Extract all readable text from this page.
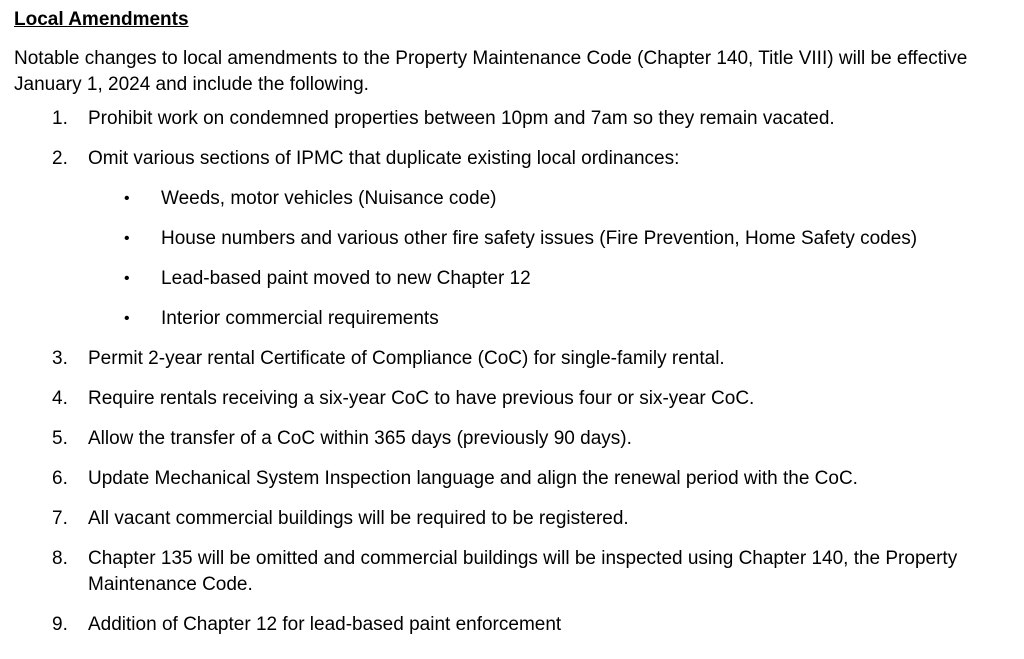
Local Amendments
Notable changes to local amendments to the Property Maintenance Code (Chapter 140, Title VIII) will be effective January 1, 2024 and include the following.
1.	Prohibit work on condemned properties between 10pm and 7am so they remain vacated.
2.	Omit various sections of IPMC that duplicate existing local ordinances:
• Weeds, motor vehicles (Nuisance code)
• House numbers and various other fire safety issues (Fire Prevention, Home Safety codes)
• Lead-based paint moved to new Chapter 12
• Interior commercial requirements
3.	Permit 2-year rental Certificate of Compliance (CoC) for single-family rental.
4.	Require rentals receiving a six-year CoC to have previous four or six-year CoC.
5.	Allow the transfer of a CoC within 365 days (previously 90 days).
6.	Update Mechanical System Inspection language and align the renewal period with the CoC.
7.	All vacant commercial buildings will be required to be registered.
8.	Chapter 135 will be omitted and commercial buildings will be inspected using Chapter 140, the Property Maintenance Code.
9.	Addition of Chapter 12 for lead-based paint enforcement
